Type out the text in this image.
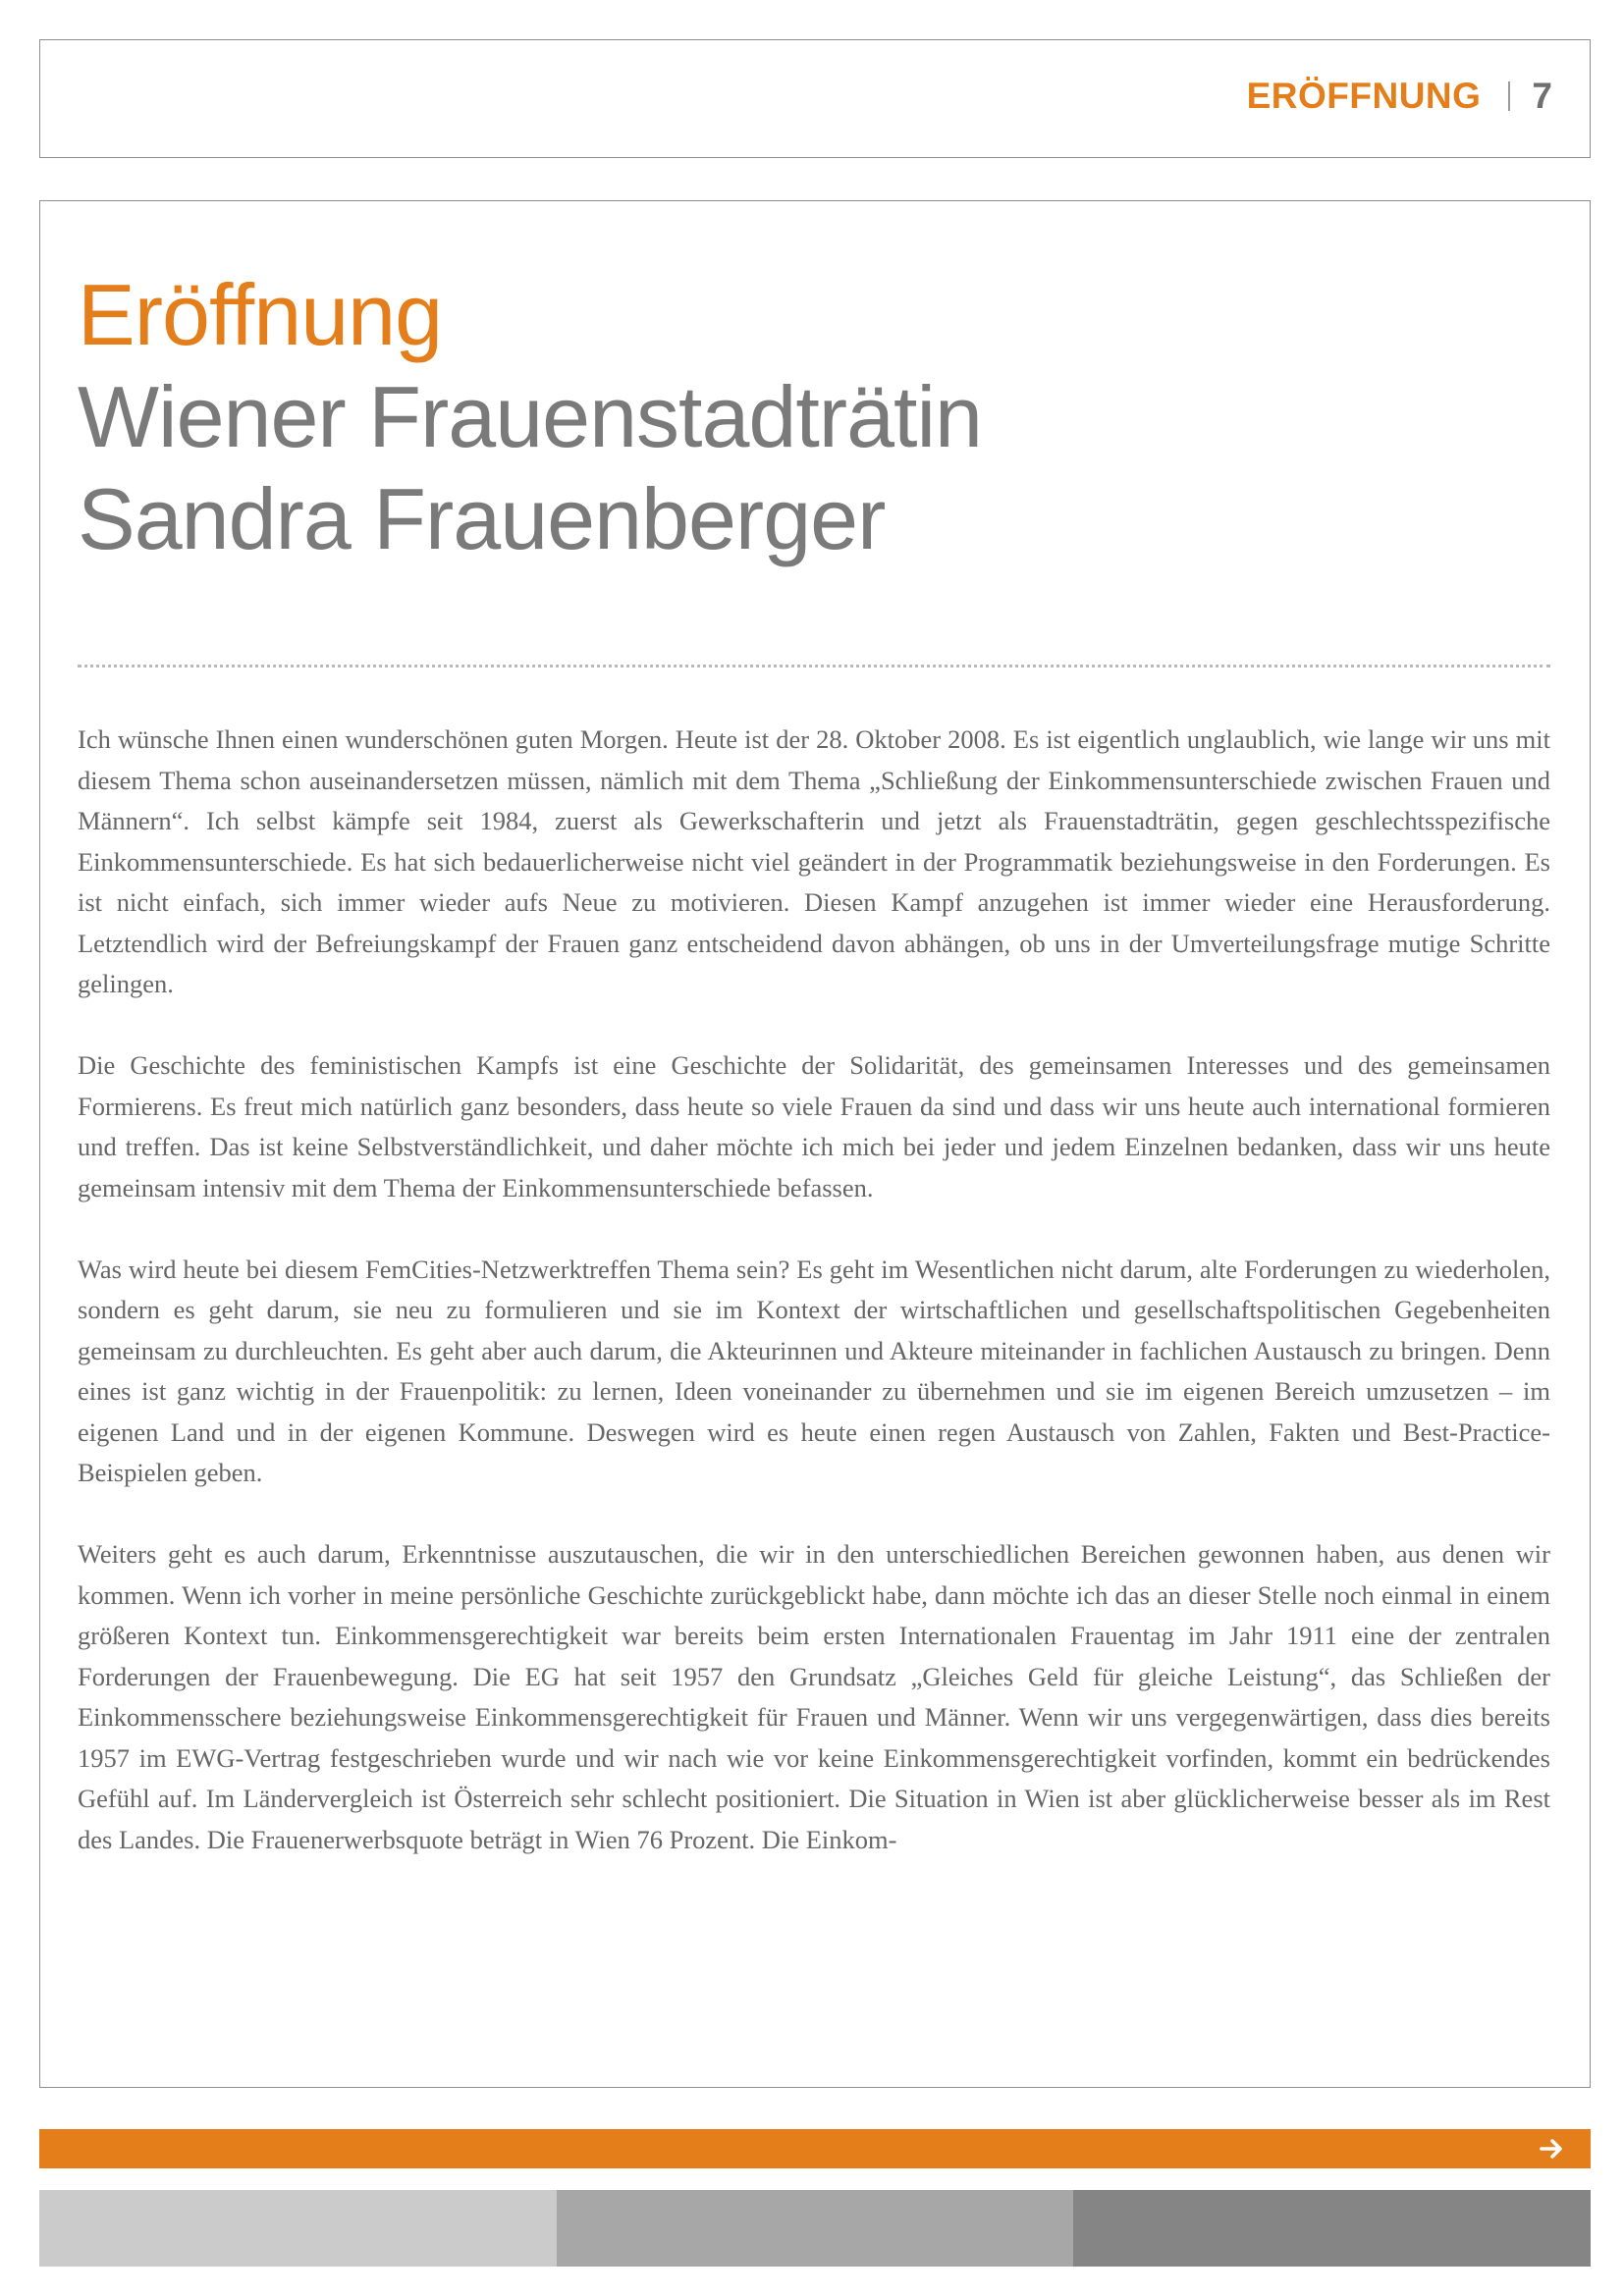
ERÖFFNUNG 7
Eröffnung
Wiener Frauenstadträtin
Sandra Frauenberger

Ich wünsche Ihnen einen wunderschönen guten Morgen. Heute ist der 28. Oktober 2008. Es ist eigentlich unglaublich, wie lange wir uns mit diesem Thema schon auseinandersetzen müssen, nämlich mit dem Thema „Schließung der Einkommensunterschiede zwischen Frauen und Männern“. Ich selbst kämpfe seit 1984, zuerst als Gewerkschafterin und jetzt als Frauenstadträtin, gegen geschlechtsspezifische Einkommensunterschiede. Es hat sich bedauerlicherweise nicht viel geändert in der Programmatik beziehungsweise in den Forderungen. Es ist nicht einfach, sich immer wieder aufs Neue zu motivieren. Diesen Kampf anzugehen ist immer wieder eine Herausforderung. Letztendlich wird der Befreiungskampf der Frauen ganz entscheidend davon abhängen, ob uns in der Umverteilungsfrage mutige Schritte gelingen.

Die Geschichte des feministischen Kampfs ist eine Geschichte der Solidarität, des gemeinsamen Interesses und des gemeinsamen Formierens. Es freut mich natürlich ganz besonders, dass heute so viele Frauen da sind und dass wir uns heute auch international formieren und treffen. Das ist keine Selbstverständlichkeit, und daher möchte ich mich bei jeder und jedem Einzelnen bedanken, dass wir uns heute gemeinsam intensiv mit dem Thema der Einkommensunterschiede befassen.

Was wird heute bei diesem FemCities-Netzwerktreffen Thema sein? Es geht im Wesentlichen nicht darum, alte Forderungen zu wiederholen, sondern es geht darum, sie neu zu formulieren und sie im Kontext der wirtschaftlichen und gesellschaftspolitischen Gegebenheiten gemeinsam zu durchleuchten. Es geht aber auch darum, die Akteurinnen und Akteure miteinander in fachlichen Austausch zu bringen. Denn eines ist ganz wichtig in der Frauenpolitik: zu lernen, Ideen voneinander zu übernehmen und sie im eigenen Bereich umzusetzen – im eigenen Land und in der eigenen Kommune. Deswegen wird es heute einen regen Austausch von Zahlen, Fakten und Best-Practice-Beispielen geben.

Weiters geht es auch darum, Erkenntnisse auszutauschen, die wir in den unterschiedlichen Bereichen gewonnen haben, aus denen wir kommen. Wenn ich vorher in meine persönliche Geschichte zurückgeblickt habe, dann möchte ich das an dieser Stelle noch einmal in einem größeren Kontext tun. Einkommensgerechtigkeit war bereits beim ersten Internationalen Frauentag im Jahr 1911 eine der zentralen Forderungen der Frauenbewegung. Die EG hat seit 1957 den Grundsatz „Gleiches Geld für gleiche Leistung“, das Schließen der Einkommensschere beziehungsweise Einkommensgerechtigkeit für Frauen und Männer. Wenn wir uns vergegenwärtigen, dass dies bereits 1957 im EWG-Vertrag festgeschrieben wurde und wir nach wie vor keine Einkommensgerechtigkeit vorfinden, kommt ein bedrückendes Gefühl auf. Im Ländervergleich ist Österreich sehr schlecht positioniert. Die Situation in Wien ist aber glücklicherweise besser als im Rest des Landes. Die Frauenerwerbsquote beträgt in Wien 76 Prozent. Die Einkom-
